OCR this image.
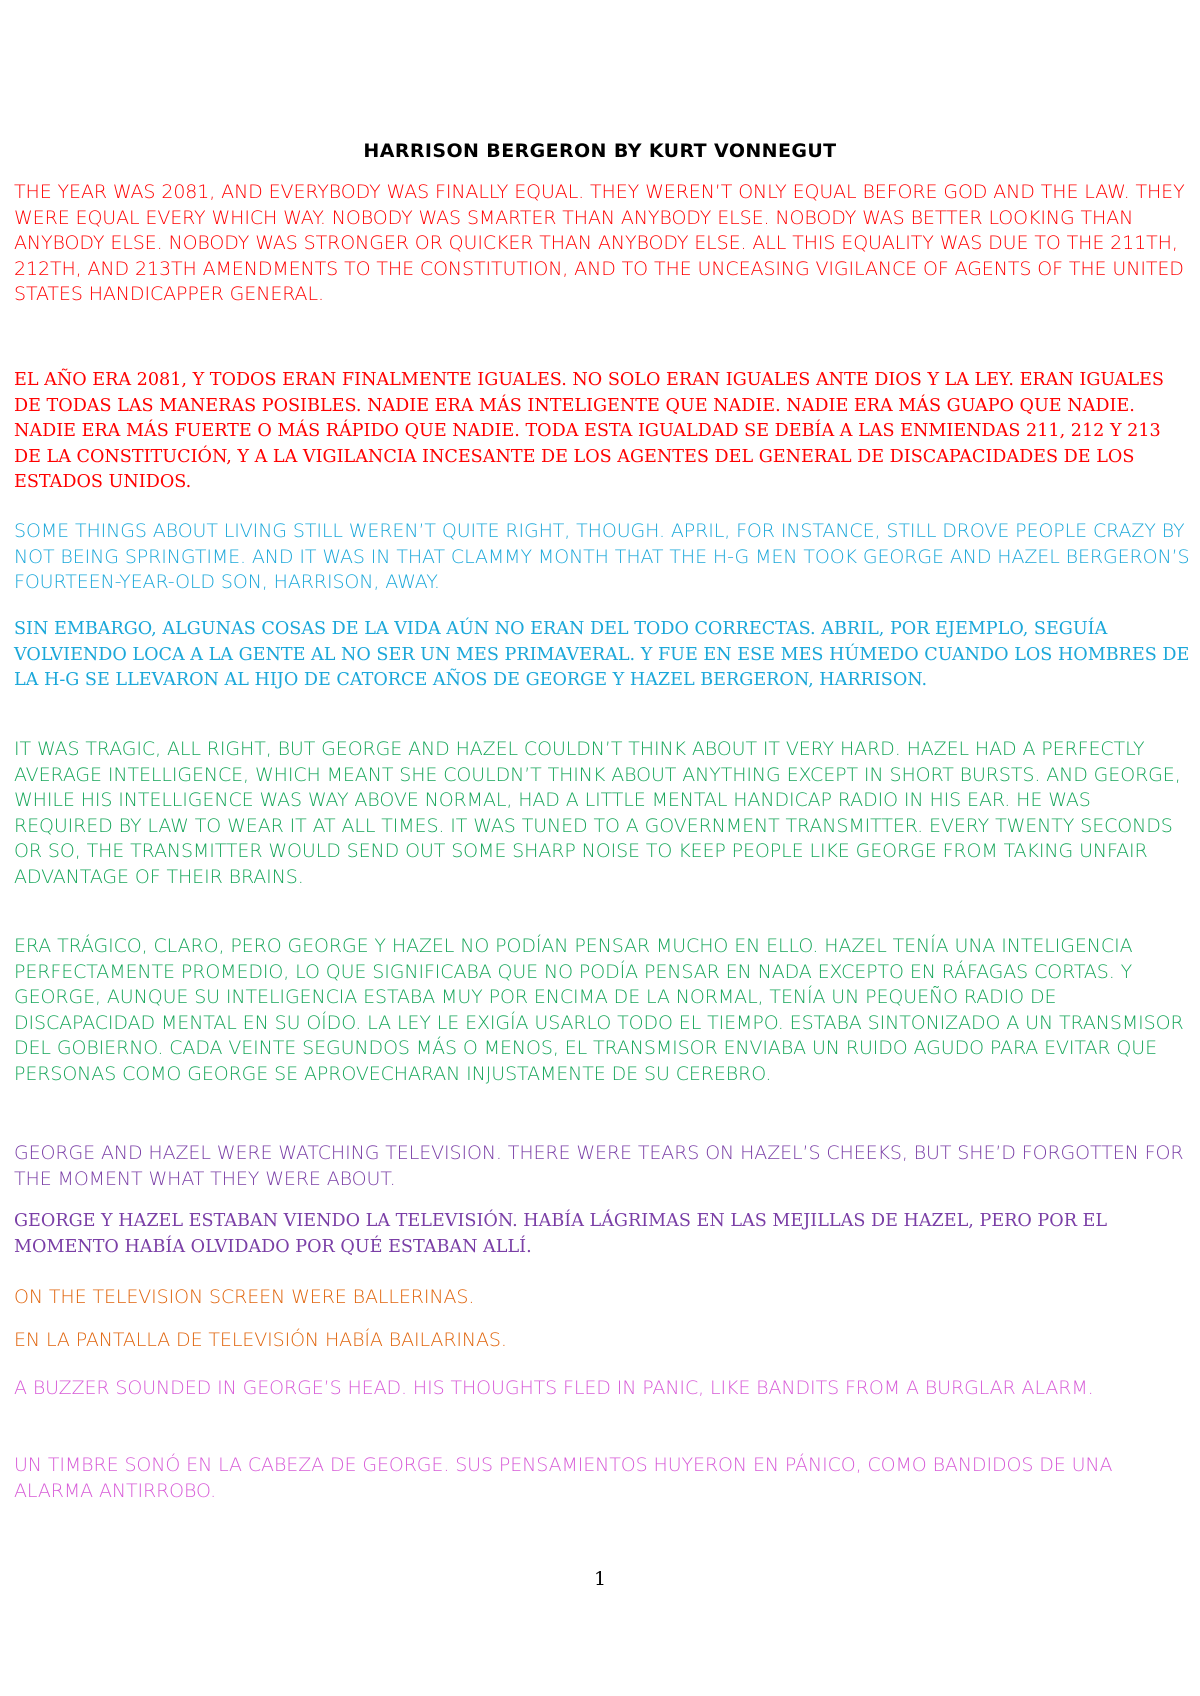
HARRISON BERGERON BY KURT VONNEGUT

THE YEAR WAS 2081, AND EVERYBODY WAS FINALLY EQUAL. THEY WEREN’T ONLY EQUAL BEFORE GOD AND THE LAW. THEY WERE EQUAL EVERY WHICH WAY. NOBODY WAS SMARTER THAN ANYBODY ELSE. NOBODY WAS BETTER LOOKING THAN ANYBODY ELSE. NOBODY WAS STRONGER OR QUICKER THAN ANYBODY ELSE. ALL THIS EQUALITY WAS DUE TO THE 211TH, 212TH, AND 213TH AMENDMENTS TO THE CONSTITUTION, AND TO THE UNCEASING VIGILANCE OF AGENTS OF THE UNITED STATES HANDICAPPER GENERAL.

EL AÑO ERA 2081, Y TODOS ERAN FINALMENTE IGUALES. NO SOLO ERAN IGUALES ANTE DIOS Y LA LEY. ERAN IGUALES DE TODAS LAS MANERAS POSIBLES. NADIE ERA MÁS INTELIGENTE QUE NADIE. NADIE ERA MÁS GUAPO QUE NADIE. NADIE ERA MÁS FUERTE O MÁS RÁPIDO QUE NADIE. TODA ESTA IGUALDAD SE DEBÍA A LAS ENMIENDAS 211, 212 Y 213 DE LA CONSTITUCIÓN, Y A LA VIGILANCIA INCESANTE DE LOS AGENTES DEL GENERAL DE DISCAPACIDADES DE LOS ESTADOS UNIDOS.

SOME THINGS ABOUT LIVING STILL WEREN’T QUITE RIGHT, THOUGH. APRIL, FOR INSTANCE, STILL DROVE PEOPLE CRAZY BY NOT BEING SPRINGTIME. AND IT WAS IN THAT CLAMMY MONTH THAT THE H-G MEN TOOK GEORGE AND HAZEL BERGERON’S FOURTEEN-YEAR-OLD SON, HARRISON, AWAY.

SIN EMBARGO, ALGUNAS COSAS DE LA VIDA AÚN NO ERAN DEL TODO CORRECTAS. ABRIL, POR EJEMPLO, SEGUÍA VOLVIENDO LOCA A LA GENTE AL NO SER UN MES PRIMAVERAL. Y FUE EN ESE MES HÚMEDO CUANDO LOS HOMBRES DE LA H-G SE LLEVARON AL HIJO DE CATORCE AÑOS DE GEORGE Y HAZEL BERGERON, HARRISON.

IT WAS TRAGIC, ALL RIGHT, BUT GEORGE AND HAZEL COULDN’T THINK ABOUT IT VERY HARD. HAZEL HAD A PERFECTLY AVERAGE INTELLIGENCE, WHICH MEANT SHE COULDN’T THINK ABOUT ANYTHING EXCEPT IN SHORT BURSTS. AND GEORGE, WHILE HIS INTELLIGENCE WAS WAY ABOVE NORMAL, HAD A LITTLE MENTAL HANDICAP RADIO IN HIS EAR. HE WAS REQUIRED BY LAW TO WEAR IT AT ALL TIMES. IT WAS TUNED TO A GOVERNMENT TRANSMITTER. EVERY TWENTY SECONDS OR SO, THE TRANSMITTER WOULD SEND OUT SOME SHARP NOISE TO KEEP PEOPLE LIKE GEORGE FROM TAKING UNFAIR ADVANTAGE OF THEIR BRAINS.

ERA TRÁGICO, CLARO, PERO GEORGE Y HAZEL NO PODÍAN PENSAR MUCHO EN ELLO. HAZEL TENÍA UNA INTELIGENCIA PERFECTAMENTE PROMEDIO, LO QUE SIGNIFICABA QUE NO PODÍA PENSAR EN NADA EXCEPTO EN RÁFAGAS CORTAS. Y GEORGE, AUNQUE SU INTELIGENCIA ESTABA MUY POR ENCIMA DE LA NORMAL, TENÍA UN PEQUEÑO RADIO DE DISCAPACIDAD MENTAL EN SU OÍDO. LA LEY LE EXIGÍA USARLO TODO EL TIEMPO. ESTABA SINTONIZADO A UN TRANSMISOR DEL GOBIERNO. CADA VEINTE SEGUNDOS MÁS O MENOS, EL TRANSMISOR ENVIABA UN RUIDO AGUDO PARA EVITAR QUE PERSONAS COMO GEORGE SE APROVECHARAN INJUSTAMENTE DE SU CEREBRO.

GEORGE AND HAZEL WERE WATCHING TELEVISION. THERE WERE TEARS ON HAZEL’S CHEEKS, BUT SHE’D FORGOTTEN FOR THE MOMENT WHAT THEY WERE ABOUT.

GEORGE Y HAZEL ESTABAN VIENDO LA TELEVISIÓN. HABÍA LÁGRIMAS EN LAS MEJILLAS DE HAZEL, PERO POR EL MOMENTO HABÍA OLVIDADO POR QUÉ ESTABAN ALLÍ.

ON THE TELEVISION SCREEN WERE BALLERINAS.

EN LA PANTALLA DE TELEVISIÓN HABÍA BAILARINAS.

A BUZZER SOUNDED IN GEORGE’S HEAD. HIS THOUGHTS FLED IN PANIC, LIKE BANDITS FROM A BURGLAR ALARM.

UN TIMBRE SONÓ EN LA CABEZA DE GEORGE. SUS PENSAMIENTOS HUYERON EN PÁNICO, COMO BANDIDOS DE UNA ALARMA ANTIRROBO.

1
